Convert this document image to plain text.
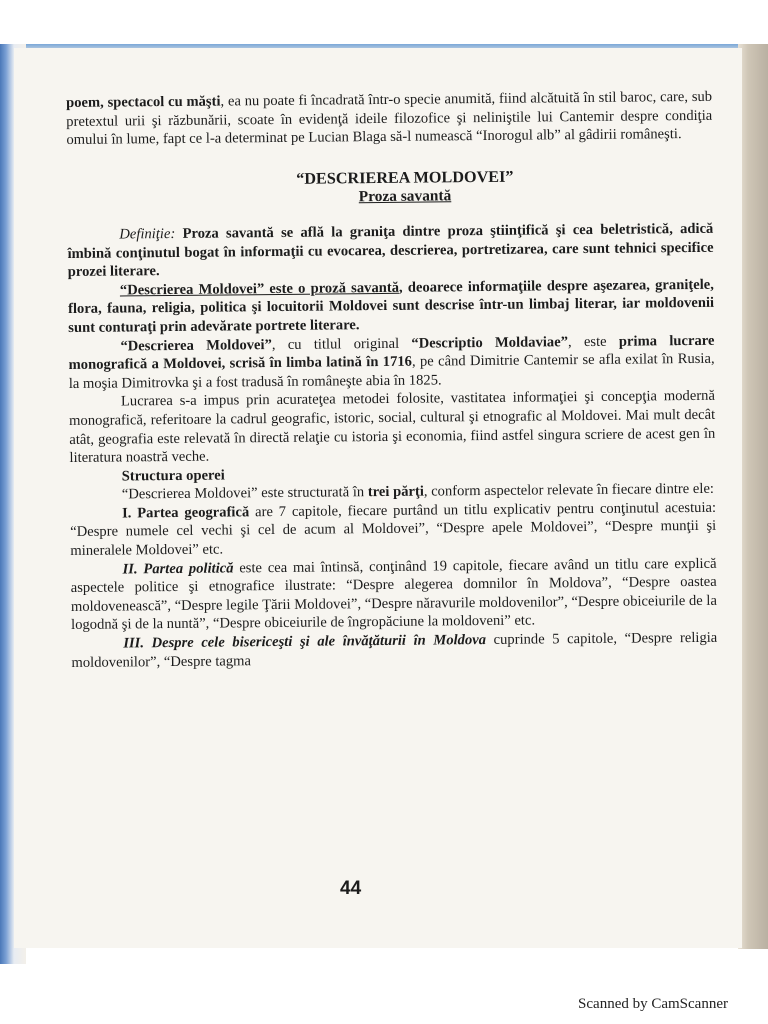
poem, spectacol cu măşti, ea nu poate fi încadrată într-o specie anumită, fiind alcătuită în stil baroc, care, sub pretextul urii şi răzbunării, scoate în evidenţă ideile filozofice şi neliniştile lui Cantemir despre condiţia omului în lume, fapt ce l-a determinat pe Lucian Blaga să-l numească “Inorogul alb” al gâdirii româneşti.

“DESCRIEREA MOLDOVEI”

Proza savantă

Definiţie: Proza savantă se află la graniţa dintre proza ştiinţifică şi cea beletristică, adică îmbină conţinutul bogat în informaţii cu evocarea, descrierea, portretizarea, care sunt tehnici specifice prozei literare.

“Descrierea Moldovei” este o proză savantă, deoarece informaţiile despre aşezarea, graniţele, flora, fauna, religia, politica şi locuitorii Moldovei sunt descrise într-un limbaj literar, iar moldovenii sunt conturaţi prin adevărate portrete literare.

“Descrierea Moldovei”, cu titlul original “Descriptio Moldaviae”, este prima lucrare monografică a Moldovei, scrisă în limba latină în 1716, pe când Dimitrie Cantemir se afla exilat în Rusia, la moşia Dimitrovka şi a fost tradusă în româneşte abia în 1825.

Lucrarea s-a impus prin acurateţea metodei folosite, vastitatea informaţiei şi concepţia modernă monografică, referitoare la cadrul geografic, istoric, social, cultural şi etnografic al Moldovei. Mai mult decât atât, geografia este relevată în directă relaţie cu istoria şi economia, fiind astfel singura scriere de acest gen în literatura noastră veche.

Structura operei

“Descrierea Moldovei” este structurată în trei părţi, conform aspectelor relevate în fiecare dintre ele:

I. Partea geografică are 7 capitole, fiecare purtând un titlu explicativ pentru conţinutul acestuia: “Despre numele cel vechi şi cel de acum al Moldovei”, “Despre apele Moldovei”, “Despre munţii şi mineralele Moldovei” etc.

II. Partea politică este cea mai întinsă, conţinând 19 capitole, fiecare având un titlu care explică aspectele politice şi etnografice ilustrate: “Despre alegerea domnilor în Moldova”, “Despre oastea moldovenească”, “Despre legile Ţării Moldovei”, “Despre năravurile moldovenilor”, “Despre obiceiurile de la logodnă şi de la nuntă”, “Despre obiceiurile de îngropăciune la moldoveni” etc.

III. Despre cele bisericeşti şi ale învăţăturii în Moldova cuprinde 5 capitole, “Despre religia moldovenilor”, “Despre tagma

44
Scanned by CamScanner
